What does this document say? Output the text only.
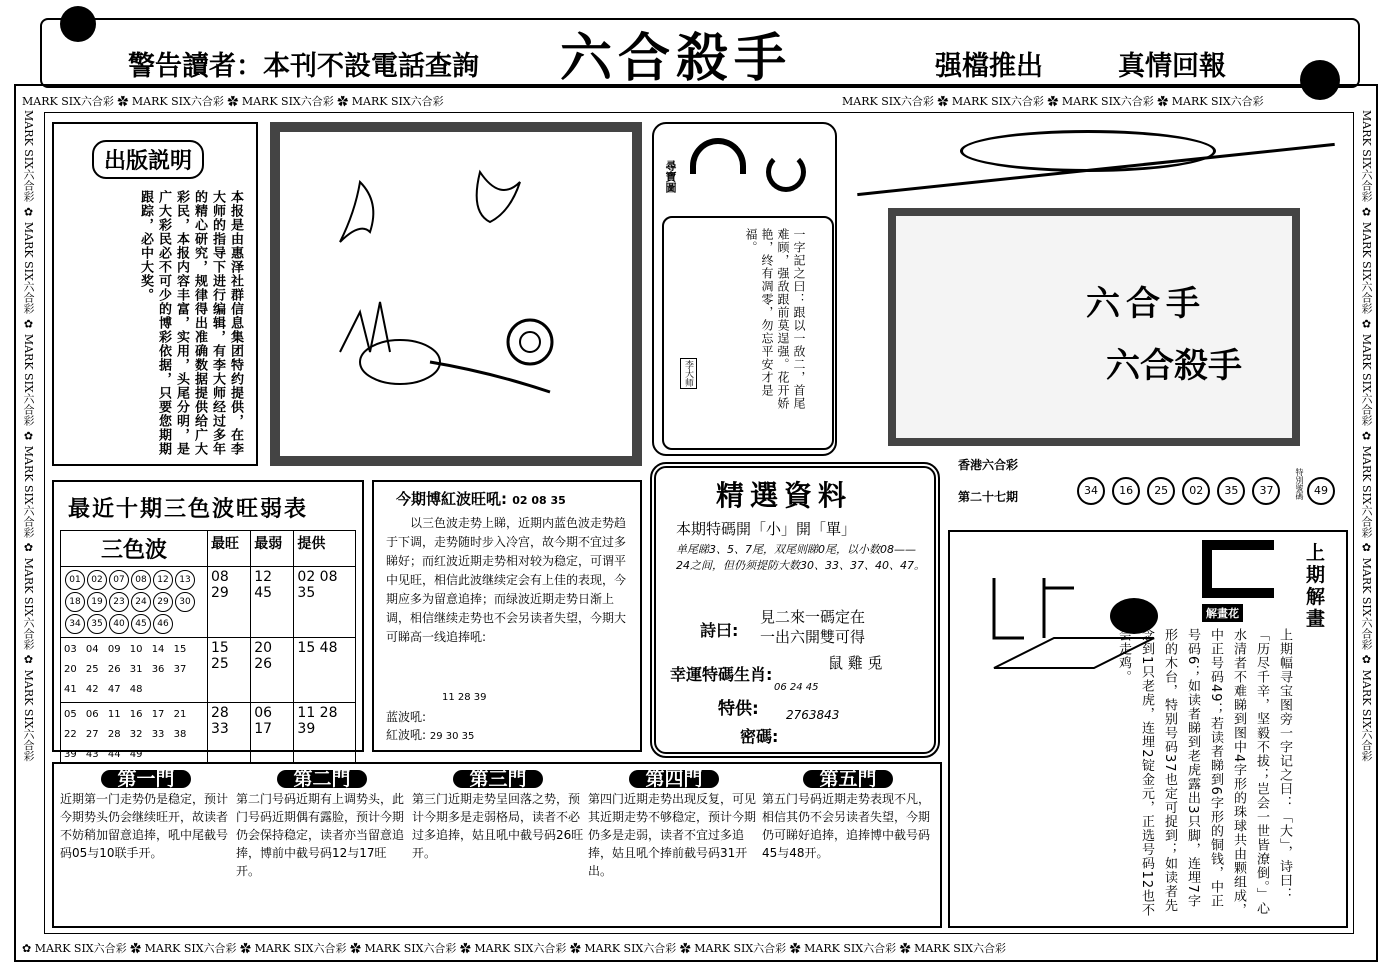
警告讀者：本刊不設電話查詢 六合殺手	强檔推出	真情回報
MARK SIX六合彩 ✿ MARK SIX六合彩 ✿ MARK SIX六合彩 ✿ MARK SIX六合彩	MARK SIX六合彩 ✿ MARK SIX六合彩 ✿ MARK SIX六合彩 ✿ MARK SIX六合彩
✿ MARK SIX六合彩 ✿ MARK SIX六合彩 ✿ MARK SIX六合彩 ✿ MARK SIX六合彩 ✿ MARK SIX六合彩 ✿ MARK SIX六合彩 ✿ MARK SIX六合彩 ✿ MARK SIX六合彩 ✿ MARK SIX六合彩
MARK SIX六合彩 ✿ MARK SIX六合彩 ✿ MARK SIX六合彩 ✿ MARK SIX六合彩 ✿ MARK SIX六合彩 ✿ MARK SIX六合彩
MARK SIX六合彩 ✿ MARK SIX六合彩 ✿ MARK SIX六合彩 ✿ MARK SIX六合彩 ✿ MARK SIX六合彩 ✿ MARK SIX六合彩
出版説明
本报是由惠泽社群信息集团特约提供，在李大师的指导下进行编辑，有李大师经过多年的精心研究，规律得出准确数据提供给广大彩民，本报内容丰富，实用，头尾分明，是广大彩民必不可少的博彩依据，只要您期期跟踪，必中大奖。
尋寶圖
一字記之曰：跟以一敌二，首尾难顾，强敌跟前莫逞强。花开娇艳，终有凋零，勿忘平安才是福。
李大师
六合手
六合殺手
香港六合彩
第二十七期	34 16 25 02 35 37	特別號碼 49
最近十期三色波旺弱表
三色波	最旺	最弱	提供
01 02 07 08 12 1318 19 23 24 29 3034 35 40 45 46	08 29	12 45	02 08 35
03 04 09 10 14 15 20 25 26 31 36 37 41 42 47 48	15 25	20 26	15 48
05 06 11 16 17 21 22 27 28 32 33 38 39 43 44 49	28 33	06 17	11 28 39
今期博紅波旺吼: 02 08 35
以三色波走势上睇，近期内蓝色波走势趋于下调，走势随时步入冷宫，故今期不宜过多睇好；而红波近期走势相对较为稳定，可谓平中见旺，相信此波继续定会有上佳的表现，今期应多为留意追捧；而绿波近期走势日渐上调，相信继续走势也不会另读者失望，今期大可睇高一线追捧吼:
11 28 39
蓝波吼:
紅波吼: 29 30 35
精選資料
本期特碼開「小」開「單」
单尾睇3、5、7尾，双尾则睇0尾，以小数08——24之间，但仍须提防大数30、33、37、40、47。
詩曰:
見二來一碼定在
一出六開雙可得
幸運特碼生肖:
鼠 雞 兎
06 24 45
特供: 2763843
密碼:
上期解畫
解畫花
上期幅寻宝图旁一字记之曰：「大」，诗曰：「历尽千辛，坚毅不拔；岂会一世皆潦倒。」心水清者不难睇到图中4字形的珠球共由颗组成，中正号码49；若读者睇到6字形的铜钱，中正号码6；如读者睇到老虎露出3只脚，连埋7字形的木台，特别号码37也定可捉到；如读者先念到1只老虎，连埋2锭金元，正选号码12也不会走鸡。
第一門
近期第一门走势仍是稳定，预计今期势头仍会继续旺开，故读者不妨稍加留意追捧，吼中尾截号码05与10联手开。
第二門
第二门号码近期有上调势头，此门号码近期偶有露脸，预计今期仍会保持稳定，读者亦当留意追捧，博前中截号码12与17旺开。
第三門
第三门近期走势呈回落之势，预计今期多是走弱格局，读者不必过多追捧，姑且吼中截号码26旺开。
第四門
第四门近期走势出现反复，可见其近期走势不够稳定，预计今期仍多是走弱，读者不宜过多追捧，姑且吼个捧前截号码31开出。
第五門
第五门号码近期走势表现不凡，相信其仍不会另读者失望，今期仍可睇好追捧，追捧博中截号码45与48开。
